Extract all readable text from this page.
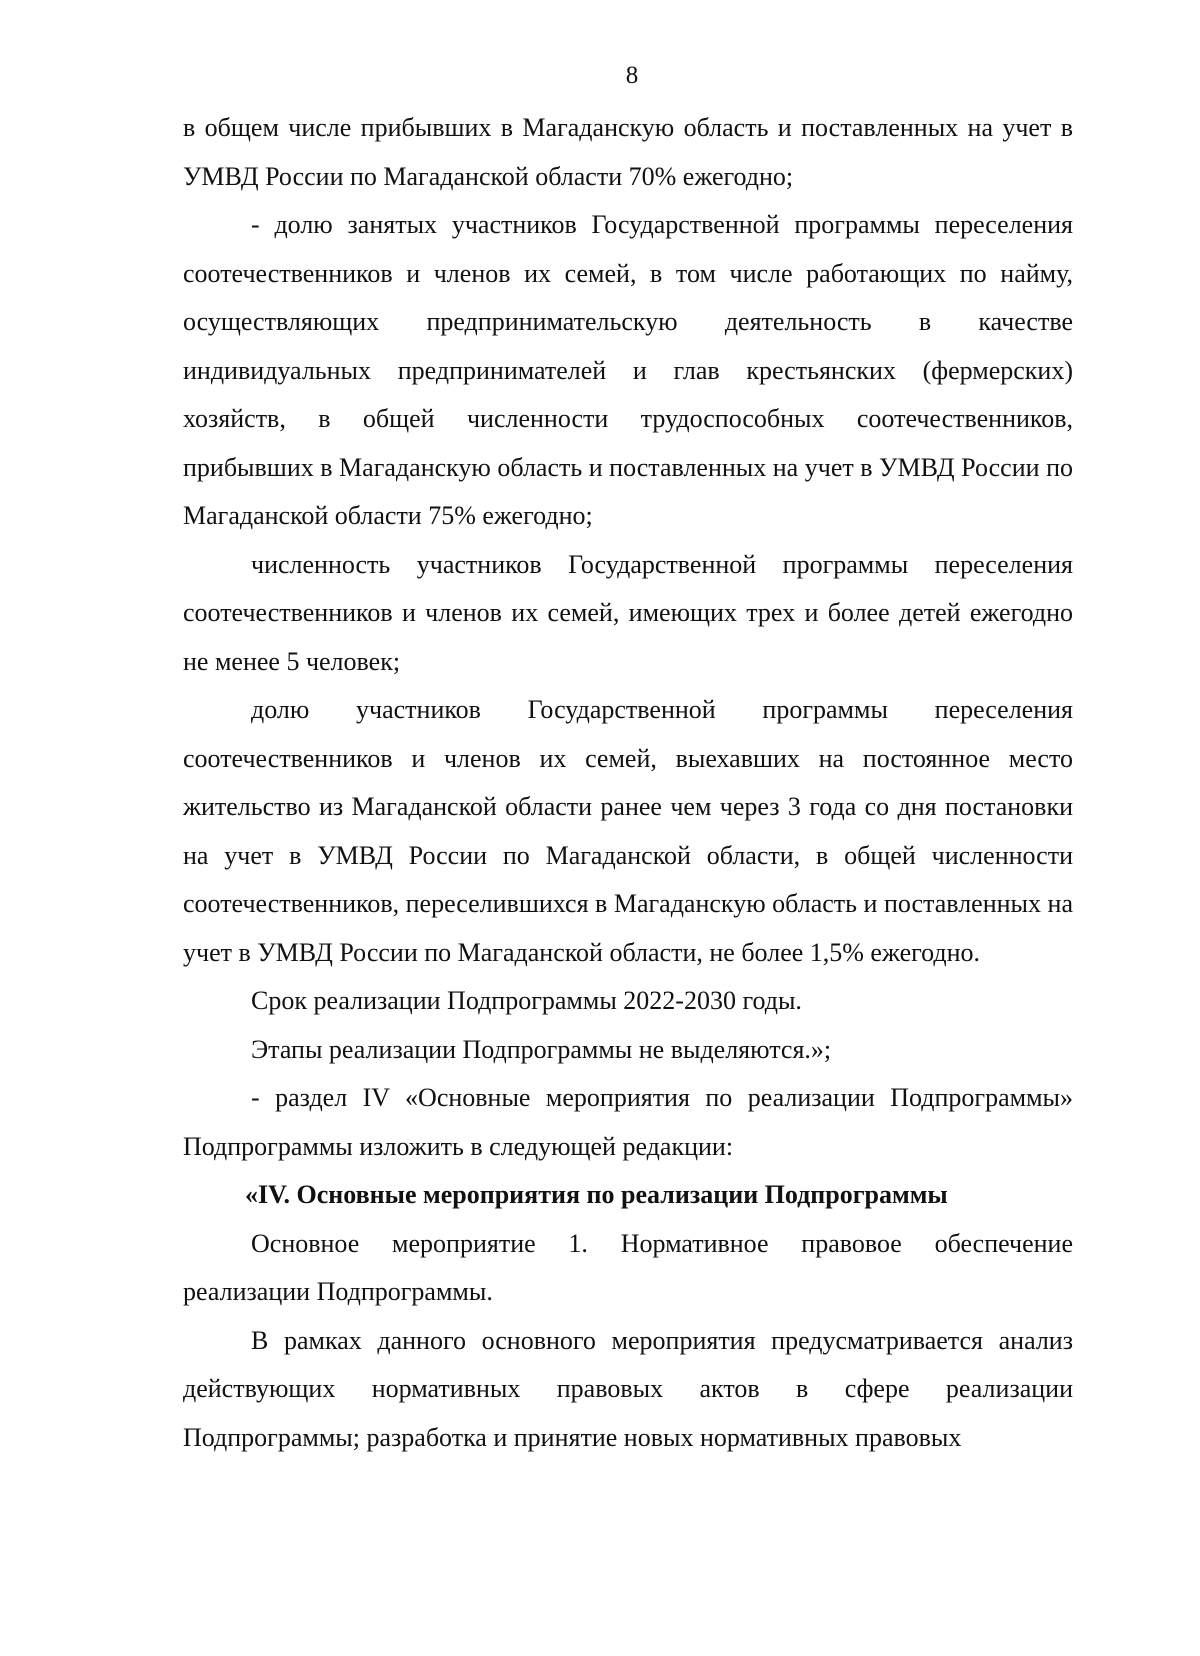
8

в общем числе прибывших в Магаданскую область и поставленных на учет в УМВД России по Магаданской области 70% ежегодно;

- долю занятых участников Государственной программы переселения соотечественников и членов их семей, в том числе работающих по найму, осуществляющих предпринимательскую деятельность в качестве индивидуальных предпринимателей и глав крестьянских (фермерских) хозяйств, в общей численности трудоспособных соотечественников, прибывших в Магаданскую область и поставленных на учет в УМВД России по Магаданской области 75% ежегодно;

численность участников Государственной программы переселения соотечественников и членов их семей, имеющих трех и более детей ежегодно не менее 5 человек;

долю участников Государственной программы переселения соотечественников и членов их семей, выехавших на постоянное место жительство из Магаданской области ранее чем через 3 года со дня постановки на учет в УМВД России по Магаданской области, в общей численности соотечественников, переселившихся в Магаданскую область и поставленных на учет в УМВД России по Магаданской области, не более 1,5% ежегодно.

Срок реализации Подпрограммы 2022-2030 годы.

Этапы реализации Подпрограммы не выделяются.»;

- раздел IV «Основные мероприятия по реализации Подпрограммы» Подпрограммы изложить в следующей редакции:

«IV. Основные мероприятия по реализации Подпрограммы

Основное мероприятие 1. Нормативное правовое обеспечение реализации Подпрограммы.

В рамках данного основного мероприятия предусматривается анализ действующих нормативных правовых актов в сфере реализации Подпрограммы; разработка и принятие новых нормативных правовых
